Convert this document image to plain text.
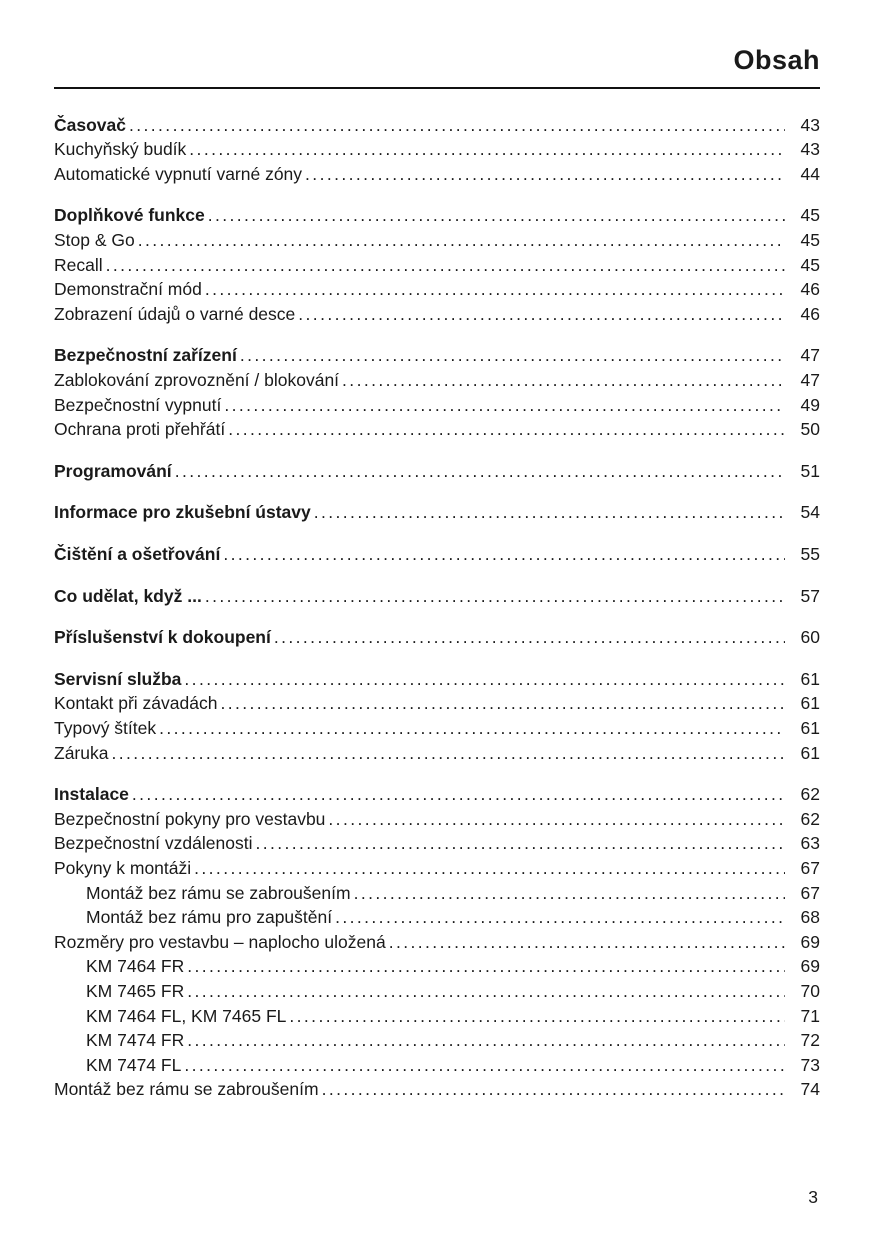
Obsah
Časovač .....	43
Kuchyňský budík .....	43
Automatické vypnutí varné zóny .....	44
Doplňkové funkce .....	45
Stop & Go .....	45
Recall .....	45
Demonstrační mód .....	46
Zobrazení údajů o varné desce .....	46
Bezpečnostní zařízení .....	47
Zablokování zprovoznění / blokování .....	47
Bezpečnostní vypnutí .....	49
Ochrana proti přehřátí .....	50
Programování .....	51
Informace pro zkušební ústavy .....	54
Čištění a ošetřování .....	55
Co udělat, když ... .....	57
Příslušenství k dokoupení .....	60
Servisní služba .....	61
Kontakt při závadách .....	61
Typový štítek .....	61
Záruka .....	61
Instalace .....	62
Bezpečnostní pokyny pro vestavbu .....	62
Bezpečnostní vzdálenosti .....	63
Pokyny k montáži .....	67
Montáž bez rámu se zabroušením .....	67
Montáž bez rámu pro zapuštění .....	68
Rozměry pro vestavbu – naplocho uložená .....	69
KM 7464 FR .....	69
KM 7465 FR .....	70
KM 7464 FL, KM 7465 FL .....	71
KM 7474 FR .....	72
KM 7474 FL .....	73
Montáž bez rámu se zabroušením .....	74
3
